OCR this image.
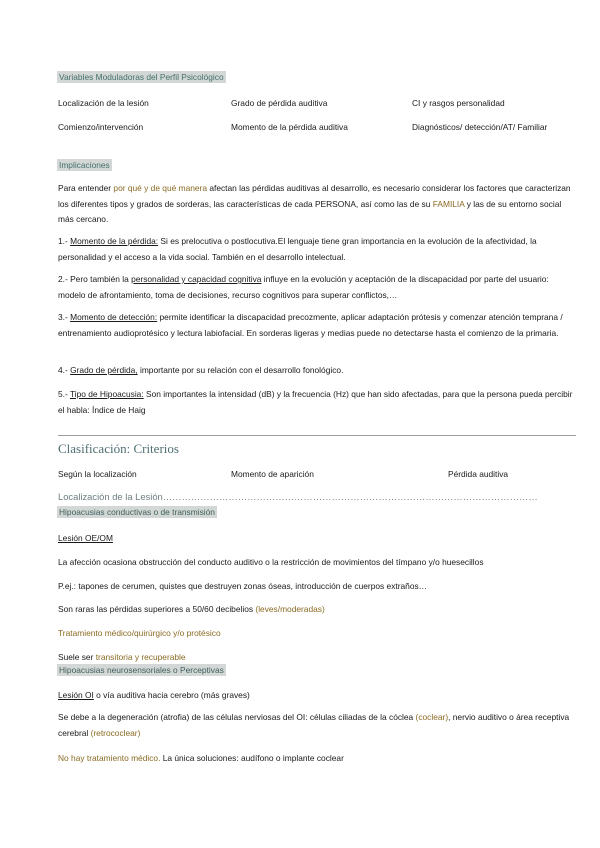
Variables Moduladoras del Perfil Psicológico
Localización de la lesión	Grado de pérdida auditiva	CI y rasgos personalidad
Comienzo/intervención	Momento de la pérdida auditiva	Diagnósticos/ detección/AT/ Familiar
Implicaciones
Para entender por qué y de qué manera afectan las pérdidas auditivas al desarrollo, es necesario considerar los factores que caracterizan los diferentes tipos y grados de sorderas, las características de cada PERSONA, así como las de su FAMILIA y las de su entorno social más cercano.
1.- Momento de la pérdida: Si es prelocutiva o postlocutiva.El lenguaje tiene gran importancia en la evolución de la afectividad, la personalidad y el acceso a la vida social. También en el desarrollo intelectual.
2.- Pero también la personalidad y capacidad cognitiva influye en la evolución y aceptación de la discapacidad por parte del usuario: modelo de afrontamiento, toma de decisiones, recurso cognitivos para superar conflictos,…
3.- Momento de detección: permite identificar la discapacidad precozmente, aplicar adaptación prótesis y comenzar atención temprana / entrenamiento audioprotésico y lectura labiofacial. En sorderas ligeras y medias puede no detectarse hasta el comienzo de la primaria.
4.- Grado de pérdida, importante por su relación con el desarrollo fonológico.
5.- Tipo de Hipoacusia: Son importantes la intensidad (dB) y la frecuencia (Hz) que han sido afectadas, para que la persona pueda percibir el habla: Índice de Haig
Clasificación: Criterios
Según la localización	Momento de aparición	Pérdida auditiva
Localización de la Lesión…………………………………………………………………………………………………………
Hipoacusias conductivas o de transmisión
Lesión OE/OM
La afección ocasiona obstrucción del conducto auditivo o la restricción de movimientos del tímpano y/o huesecillos
P.ej.: tapones de cerumen, quistes que destruyen zonas óseas, introducción de cuerpos extraños…
Son raras las pérdidas superiores a 50/60 decibelios (leves/moderadas)
Tratamiento médico/quirúrgico y/o protésico
Suele ser transitoria y recuperable
Hipoacusias neurosensoriales o Perceptivas
Lesión OI o vía auditiva hacia cerebro (más graves)
Se debe a la degeneración (atrofia) de las células nerviosas del OI: células ciliadas de la cóclea (coclear), nervio auditivo o área receptiva cerebral (retrococlear)
No hay tratamiento médico. La única soluciones: audífono o implante coclear
